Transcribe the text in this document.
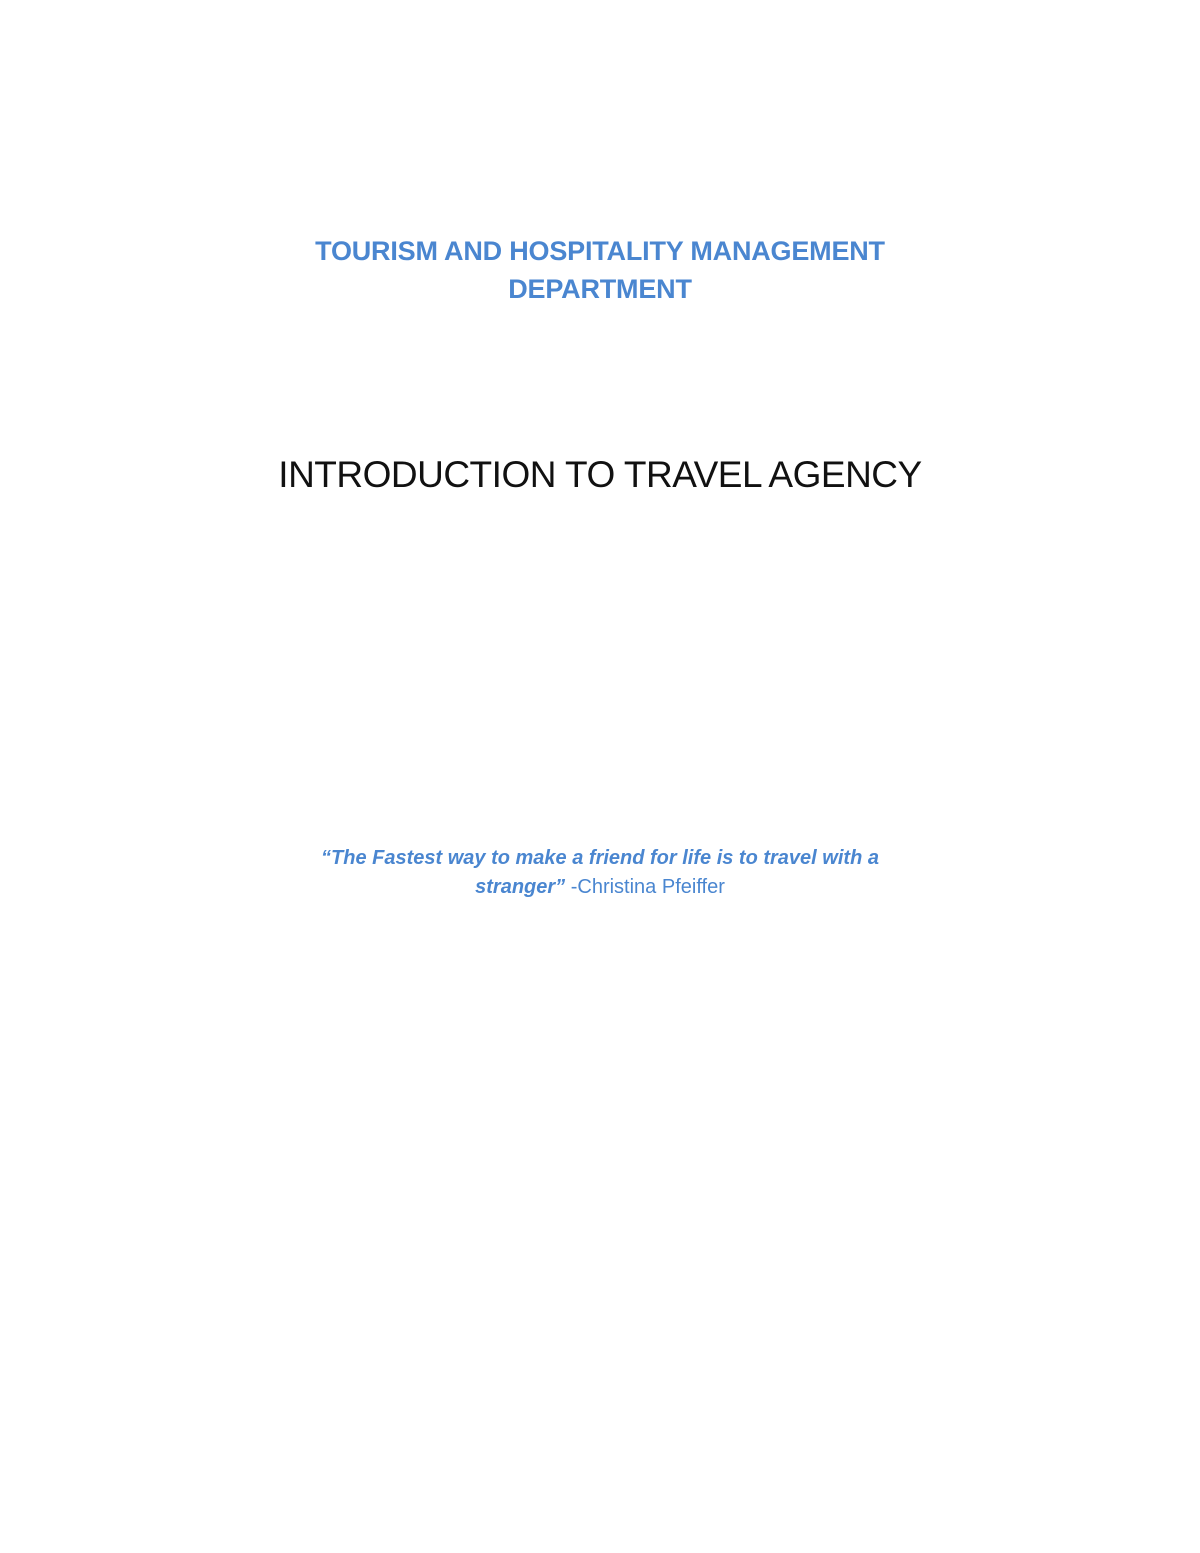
TOURISM AND HOSPITALITY MANAGEMENT
DEPARTMENT
INTRODUCTION TO TRAVEL AGENCY
“The Fastest way to make a friend for life is to travel with a
stranger” -Christina Pfeiffer
